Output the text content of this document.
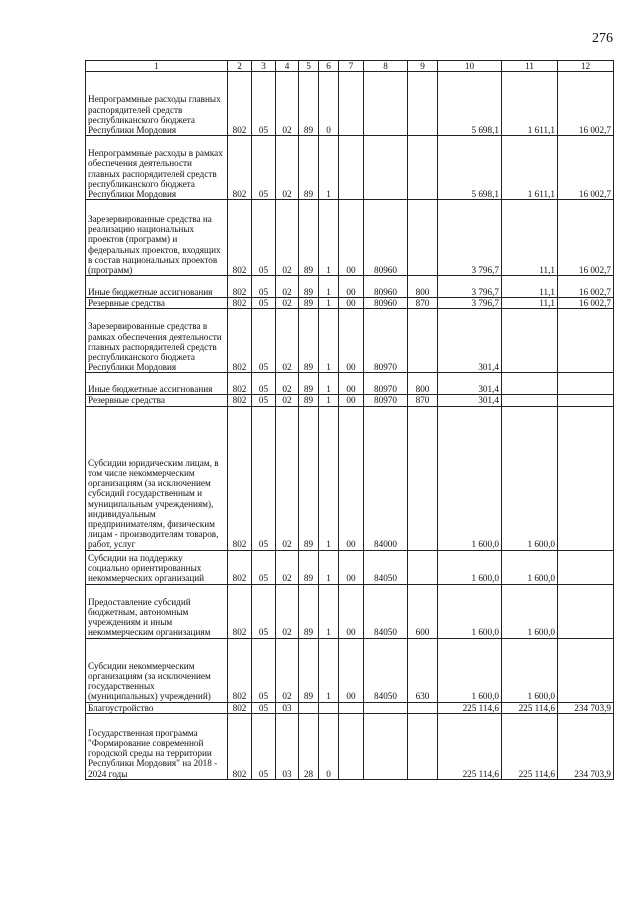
276
1	2	3	4	5	6	7	8	9	10	11	12
Непрограммные расходы главных распорядителей средств республиканского бюджета Республики Мордовия	802	05	02	89	0				5 698,1	1 611,1	16 002,7
Непрограммные расходы в рамках обеспечения деятельности главных распорядителей средств республиканского бюджета Республики Мордовия	802	05	02	89	1				5 698,1	1 611,1	16 002,7
Зарезервированные средства на реализацию национальных проектов (программ) и федеральных проектов, входящих в состав национальных проектов (программ)	802	05	02	89	1	00	80960		3 796,7	11,1	16 002,7
Иные бюджетные ассигнования	802	05	02	89	1	00	80960	800	3 796,7	11,1	16 002,7
Резервные средства	802	05	02	89	1	00	80960	870	3 796,7	11,1	16 002,7
Зарезервированные средства в рамках обеспечения деятельности главных распорядителей средств республиканского бюджета Республики Мордовия	802	05	02	89	1	00	80970		301,4		
Иные бюджетные ассигнования	802	05	02	89	1	00	80970	800	301,4		
Резервные средства	802	05	02	89	1	00	80970	870	301,4		
Субсидии юридическим лицам, в том числе некоммерческим организациям (за исключением субсидий государственным и муниципальным учреждениям), индивидуальным предпринимателям, физическим лицам - производителям товаров, работ, услуг	802	05	02	89	1	00	84000		1 600,0	1 600,0	
Субсидии на поддержку социально ориентированных некоммерческих организаций	802	05	02	89	1	00	84050		1 600,0	1 600,0	
Предоставление субсидий бюджетным, автономным учреждениям и иным некоммерческим организациям	802	05	02	89	1	00	84050	600	1 600,0	1 600,0	
Субсидии некоммерческим организациям (за исключением государственных (муниципальных) учреждений)	802	05	02	89	1	00	84050	630	1 600,0	1 600,0	
Благоустройство	802	05	03						225 114,6	225 114,6	234 703,9
Государственная программа "Формирование современной городской среды на территории Республики Мордовия" на 2018 - 2024 годы	802	05	03	28	0				225 114,6	225 114,6	234 703,9
